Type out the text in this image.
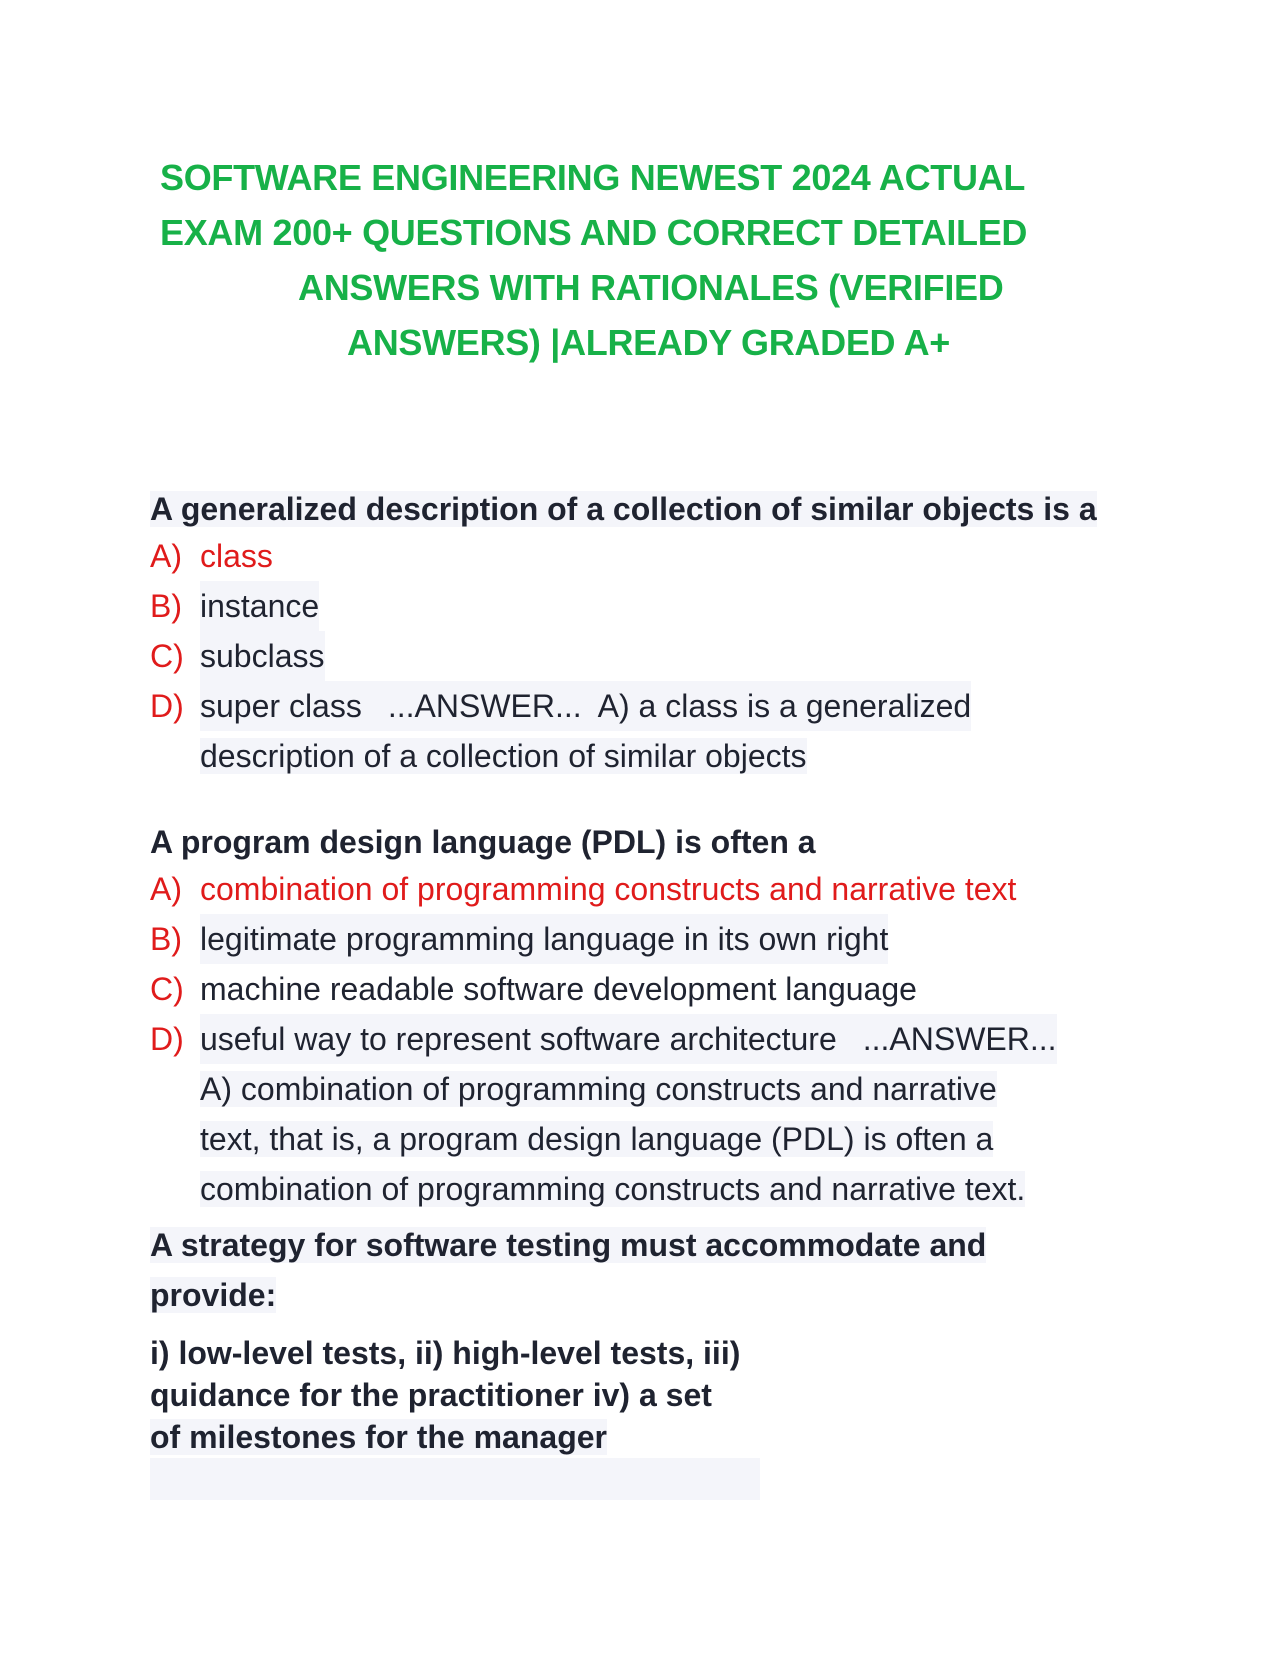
SOFTWARE ENGINEERING NEWEST 2024 ACTUAL
EXAM 200+ QUESTIONS AND CORRECT DETAILED
ANSWERS WITH RATIONALES (VERIFIED
ANSWERS) |ALREADY GRADED A+
A generalized description of a collection of similar objects is a
A) class
B) instance
C) subclass
D) super class ...ANSWER... A) a class is a generalized
description of a collection of similar objects
A program design language (PDL) is often a
A) combination of programming constructs and narrative text
B) legitimate programming language in its own right
C) machine readable software development language
D) useful way to represent software architecture ...ANSWER...
A) combination of programming constructs and narrative
text, that is, a program design language (PDL) is often a
combination of programming constructs and narrative text.
A strategy for software testing must accommodate and
provide:
i) low-level tests, ii) high-level tests, iii)
quidance for the practitioner iv) a set
of milestones for the manager
